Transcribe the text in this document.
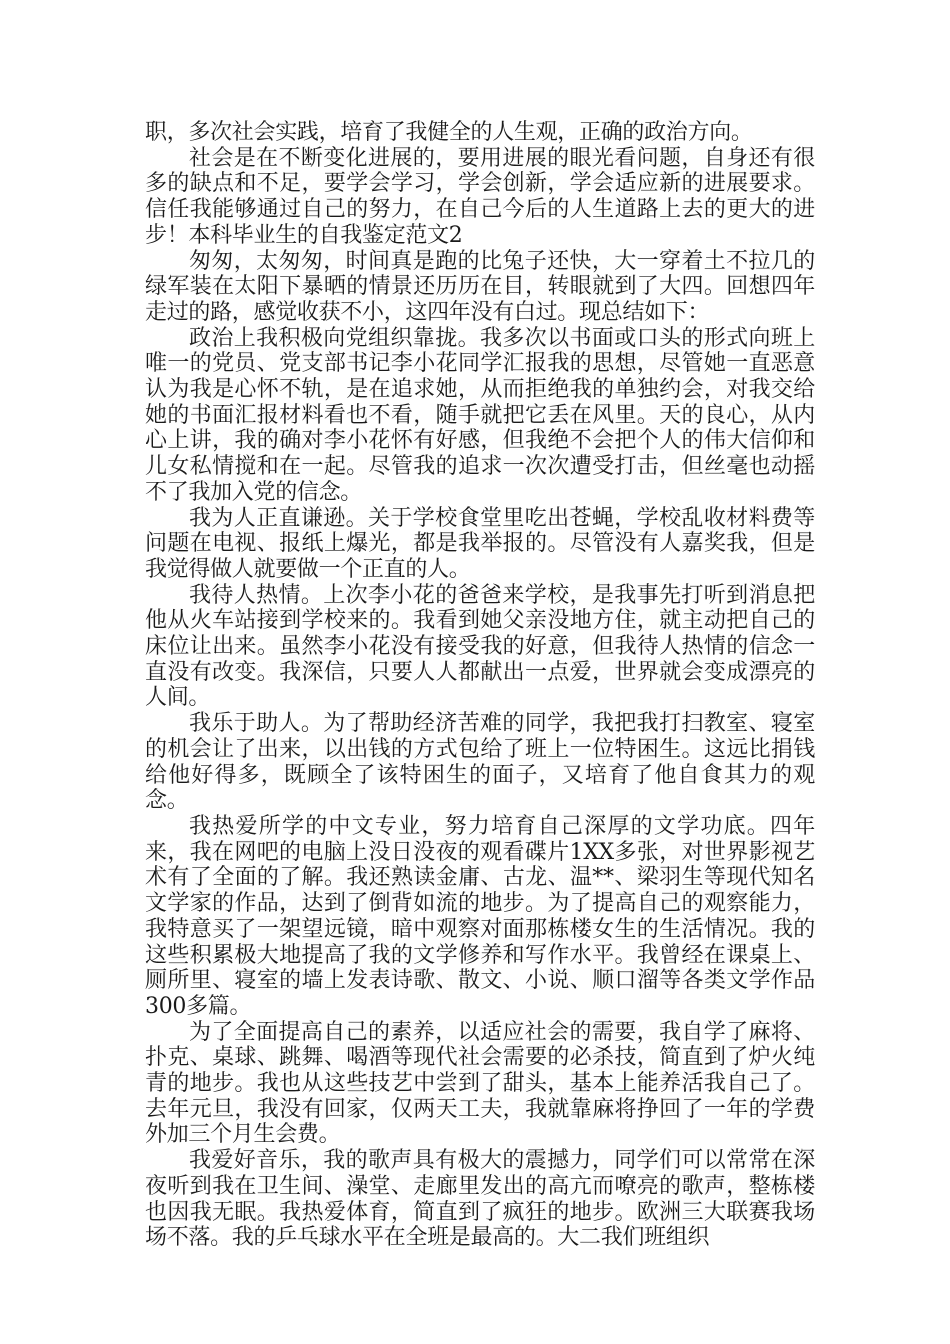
职，多次社会实践，培育了我健全的人生观，正确的政治方向。

社会是在不断变化进展的，要用进展的眼光看问题，自身还有很多的缺点和不足，要学会学习，学会创新，学会适应新的进展要求。信任我能够通过自己的努力，在自己今后的人生道路上去的更大的进步！本科毕业生的自我鉴定范文2

匆匆，太匆匆，时间真是跑的比兔子还快，大一穿着土不拉几的绿军装在太阳下暴晒的情景还历历在目，转眼就到了大四。回想四年走过的路，感觉收获不小，这四年没有白过。现总结如下：

政治上我积极向党组织靠拢。我多次以书面或口头的形式向班上唯一的党员、党支部书记李小花同学汇报我的思想，尽管她一直恶意认为我是心怀不轨，是在追求她，从而拒绝我的单独约会，对我交给她的书面汇报材料看也不看，随手就把它丢在风里。天的良心，从内心上讲，我的确对李小花怀有好感，但我绝不会把个人的伟大信仰和儿女私情搅和在一起。尽管我的追求一次次遭受打击，但丝毫也动摇不了我加入党的信念。

我为人正直谦逊。关于学校食堂里吃出苍蝇，学校乱收材料费等问题在电视、报纸上爆光，都是我举报的。尽管没有人嘉奖我，但是我觉得做人就要做一个正直的人。

我待人热情。上次李小花的爸爸来学校，是我事先打听到消息把他从火车站接到学校来的。我看到她父亲没地方住，就主动把自己的床位让出来。虽然李小花没有接受我的好意，但我待人热情的信念一直没有改变。我深信，只要人人都献出一点爱，世界就会变成漂亮的人间。

我乐于助人。为了帮助经济苦难的同学，我把我打扫教室、寝室的机会让了出来，以出钱的方式包给了班上一位特困生。这远比捐钱给他好得多，既顾全了该特困生的面子，又培育了他自食其力的观念。

我热爱所学的中文专业，努力培育自己深厚的文学功底。四年来，我在网吧的电脑上没日没夜的观看碟片1XX多张，对世界影视艺术有了全面的了解。我还熟读金庸、古龙、温**、梁羽生等现代知名文学家的作品，达到了倒背如流的地步。为了提高自己的观察能力，我特意买了一架望远镜，暗中观察对面那栋楼女生的生活情况。我的这些积累极大地提高了我的文学修养和写作水平。我曾经在课桌上、厕所里、寝室的墙上发表诗歌、散文、小说、顺口溜等各类文学作品300多篇。

为了全面提高自己的素养，以适应社会的需要，我自学了麻将、扑克、桌球、跳舞、喝酒等现代社会需要的必杀技，简直到了炉火纯青的地步。我也从这些技艺中尝到了甜头，基本上能养活我自己了。去年元旦，我没有回家，仅两天工夫，我就靠麻将挣回了一年的学费外加三个月生会费。

我爱好音乐，我的歌声具有极大的震撼力，同学们可以常常在深夜听到我在卫生间、澡堂、走廊里发出的高亢而嘹亮的歌声，整栋楼也因我无眠。我热爱体育，简直到了疯狂的地步。欧洲三大联赛我场场不落。我的乒乓球水平在全班是最高的。大二我们班组织
